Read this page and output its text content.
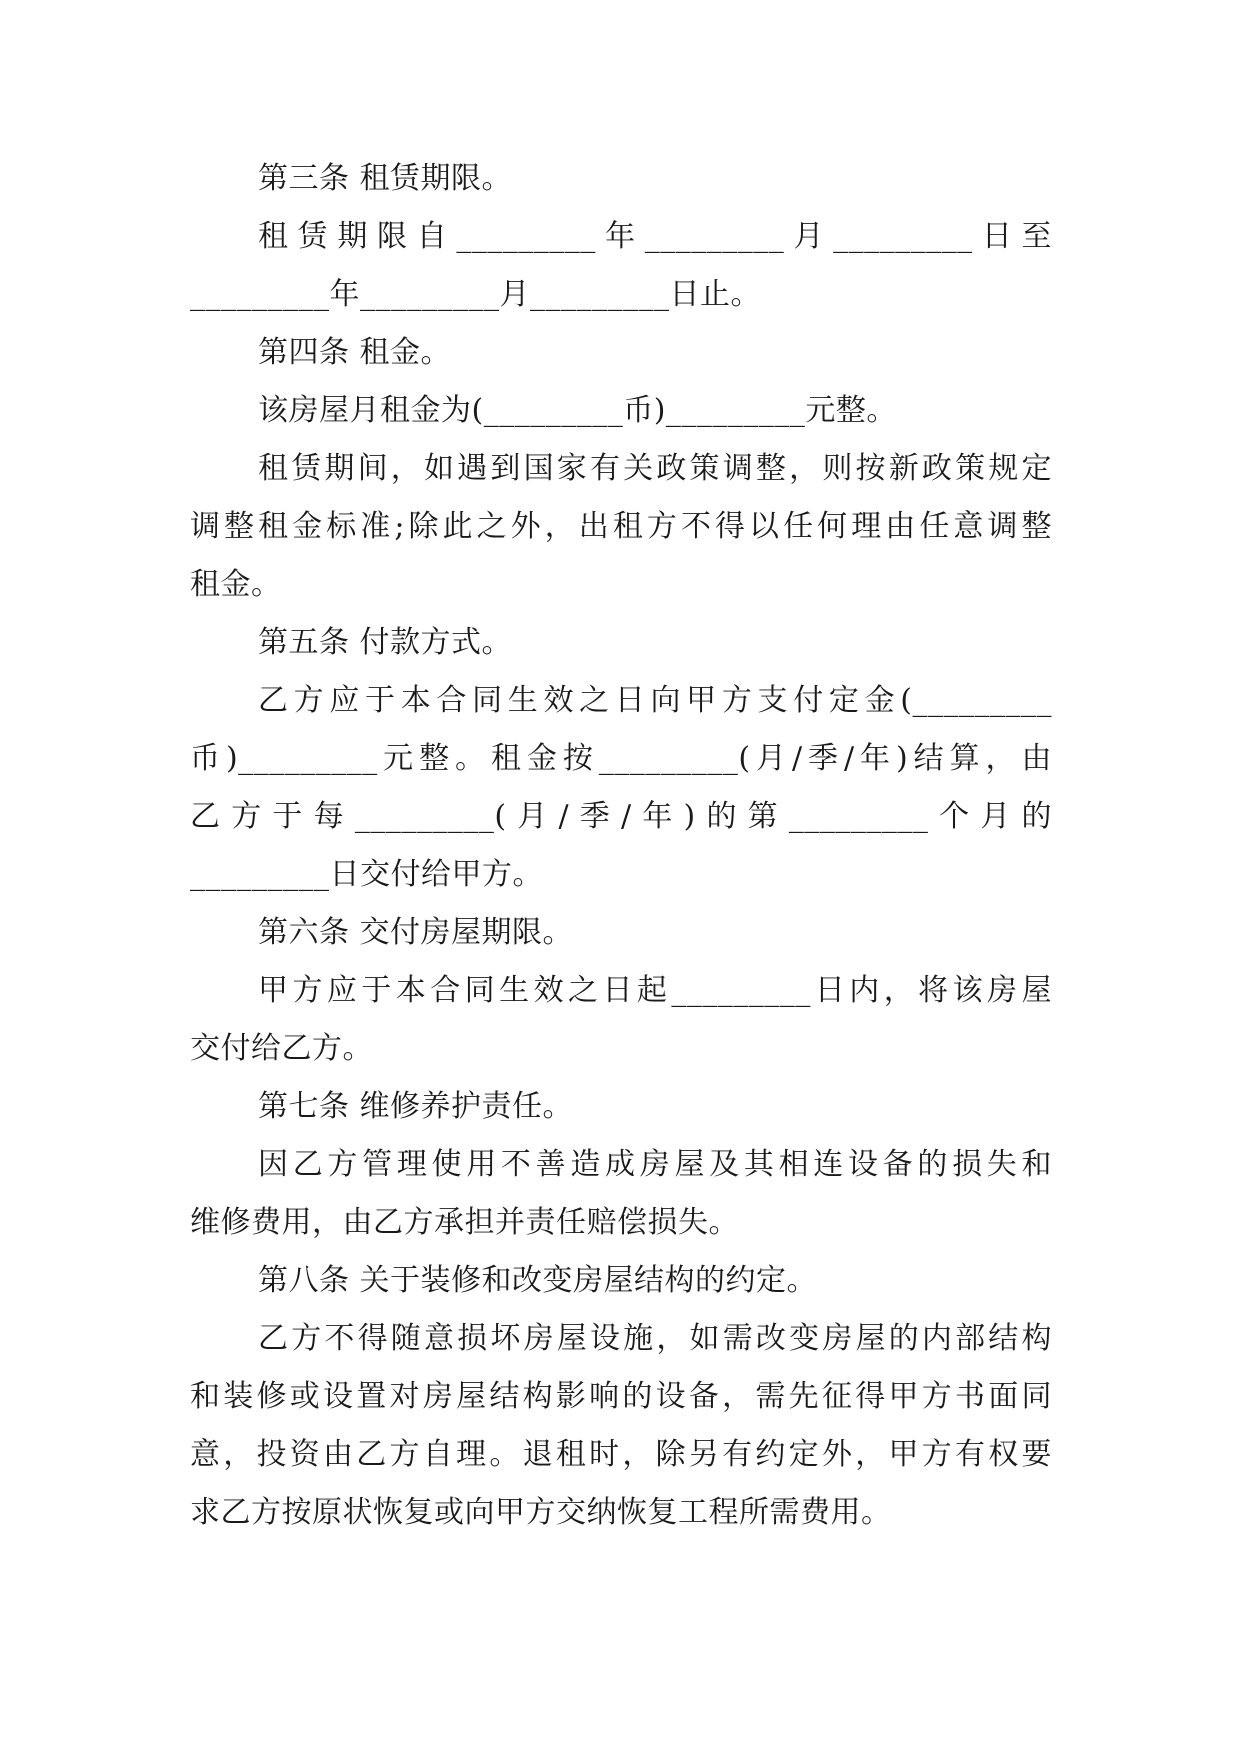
第三条 租赁期限。
租赁期限自_________年_________月_________日至
_________年_________月_________日止。
第四条 租金。
该房屋月租金为(_________币)_________元整。
租赁期间，如遇到国家有关政策调整，则按新政策规定
调整租金标准;除此之外，出租方不得以任何理由任意调整
租金。
第五条 付款方式。
乙方应于本合同生效之日向甲方支付定金(_________
币)_________元整。租金按_________(月/季/年)结算，由
乙方于每_________(月/季/年)的第_________个月的
_________日交付给甲方。
第六条 交付房屋期限。
甲方应于本合同生效之日起_________日内，将该房屋
交付给乙方。
第七条 维修养护责任。
因乙方管理使用不善造成房屋及其相连设备的损失和
维修费用，由乙方承担并责任赔偿损失。
第八条 关于装修和改变房屋结构的约定。
乙方不得随意损坏房屋设施，如需改变房屋的内部结构
和装修或设置对房屋结构影响的设备，需先征得甲方书面同
意，投资由乙方自理。退租时，除另有约定外，甲方有权要
求乙方按原状恢复或向甲方交纳恢复工程所需费用。
